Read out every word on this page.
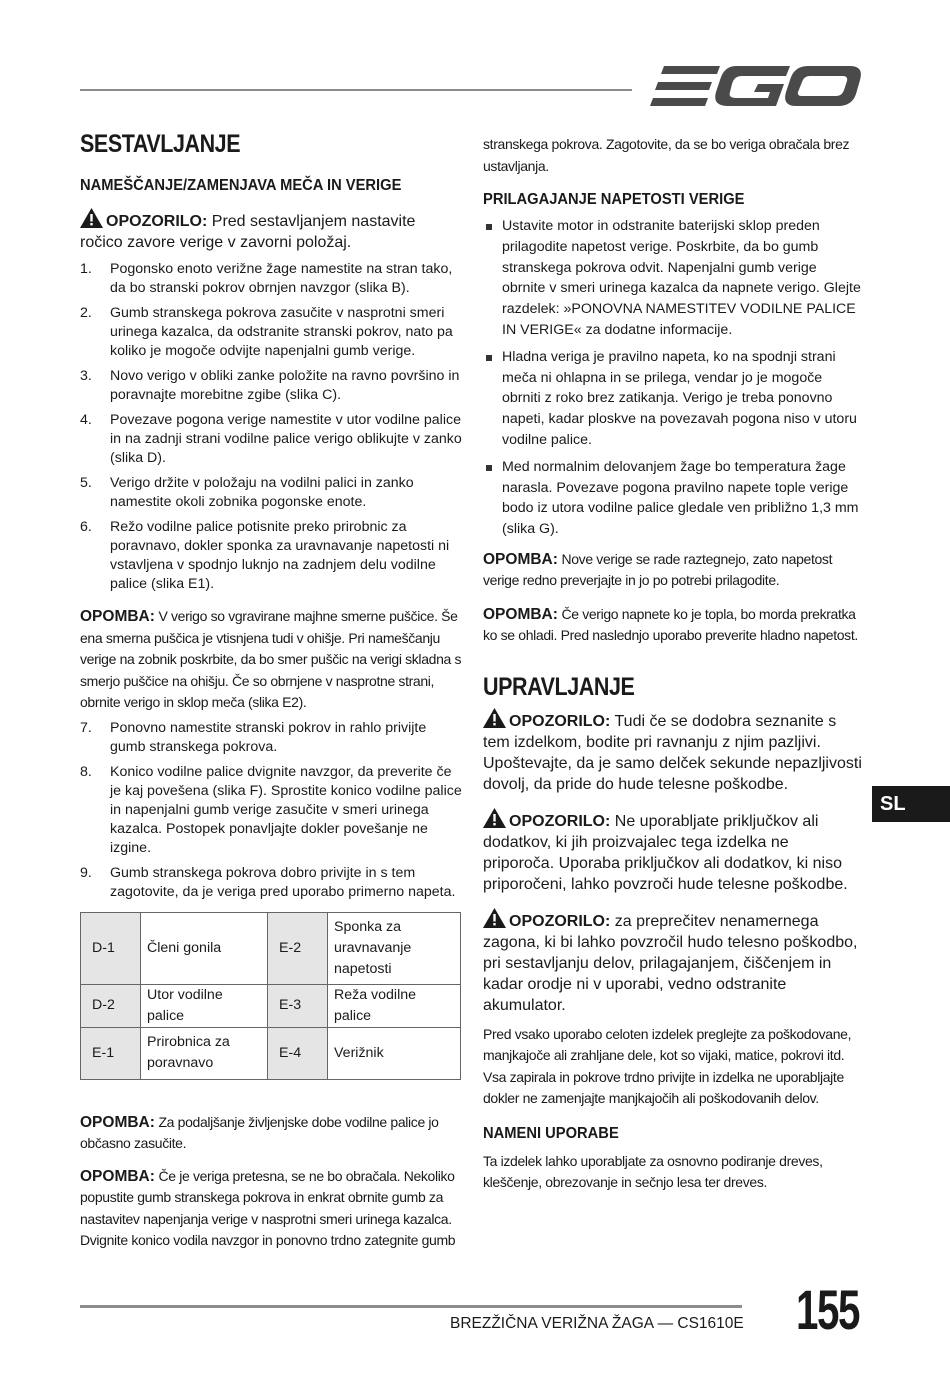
SESTAVLJANJE
NAMEŠČANJE/ZAMENJAVA MEČA IN VERIGE

OPOZORILO: Pred sestavljanjem nastavite ročico zavore verige v zavorni položaj.

1. Pogonsko enoto verižne žage namestite na stran tako, da bo stranski pokrov obrnjen navzgor (slika B).
2. Gumb stranskega pokrova zasučite v nasprotni smeri urinega kazalca, da odstranite stranski pokrov, nato pa koliko je mogoče odvijte napenjalni gumb verige.
3. Novo verigo v obliki zanke položite na ravno površino in poravnajte morebitne zgibe (slika C).
4. Povezave pogona verige namestite v utor vodilne palice in na zadnji strani vodilne palice verigo oblikujte v zanko (slika D).
5. Verigo držite v položaju na vodilni palici in zanko namestite okoli zobnika pogonske enote.
6. Režo vodilne palice potisnite preko prirobnic za poravnavo, dokler sponka za uravnavanje napetosti ni vstavljena v spodnjo luknjo na zadnjem delu vodilne palice (slika E1).

OPOMBA: V verigo so vgravirane majhne smerne puščice. Še ena smerna puščica je vtisnjena tudi v ohišje. Pri nameščanju verige na zobnik poskrbite, da bo smer puščic na verigi skladna s smerjo puščice na ohišju. Če so obrnjene v nasprotne strani, obrnite verigo in sklop meča (slika E2).

7. Ponovno namestite stranski pokrov in rahlo privijte gumb stranskega pokrova.
8. Konico vodilne palice dvignite navzgor, da preverite če je kaj povešena (slika F). Sprostite konico vodilne palice in napenjalni gumb verige zasučite v smeri urinega kazalca. Postopek ponavljajte dokler povešanje ne izgine.
9. Gumb stranskega pokrova dobro privijte in s tem zagotovite, da je veriga pred uporabo primerno napeta.
D-1	Členi gonila	E-2	Sponka za uravnavanje napetosti
D-2	Utor vodilne palice	E-3	Reža vodilne palice
E-1	Prirobnica za poravnavo	E-4	Verižnik

OPOMBA: Za podaljšanje življenjske dobe vodilne palice jo občasno zasučite.

OPOMBA: Če je veriga pretesna, se ne bo obračala. Nekoliko popustite gumb stranskega pokrova in enkrat obrnite gumb za nastavitev napenjanja verige v nasprotni smeri urinega kazalca. Dvignite konico vodila navzgor in ponovno trdno zategnite gumb

stranskega pokrova. Zagotovite, da se bo veriga obračala brez ustavljanja.

PRILAGAJANJE NAPETOSTI VERIGE
Ustavite motor in odstranite baterijski sklop preden prilagodite napetost verige. Poskrbite, da bo gumb stranskega pokrova odvit. Napenjalni gumb verige obrnite v smeri urinega kazalca da napnete verigo. Glejte razdelek: »PONOVNA NAMESTITEV VODILNE PALICE IN VERIGE« za dodatne informacije.
Hladna veriga je pravilno napeta, ko na spodnji strani meča ni ohlapna in se prilega, vendar jo je mogoče obrniti z roko brez zatikanja. Verigo je treba ponovno napeti, kadar ploskve na povezavah pogona niso v utoru vodilne palice.
Med normalnim delovanjem žage bo temperatura žage narasla. Povezave pogona pravilno napete tople verige bodo iz utora vodilne palice gledale ven približno 1,3 mm (slika G).

OPOMBA: Nove verige se rade raztegnejo, zato napetost verige redno preverjajte in jo po potrebi prilagodite.

OPOMBA: Če verigo napnete ko je topla, bo morda prekratka ko se ohladi. Pred naslednjo uporabo preverite hladno napetost.

UPRAVLJANJE

OPOZORILO: Tudi če se dodobra seznanite s tem izdelkom, bodite pri ravnanju z njim pazljivi. Upoštevajte, da je samo delček sekunde nepazljivosti dovolj, da pride do hude telesne poškodbe.

OPOZORILO: Ne uporabljate priključkov ali dodatkov, ki jih proizvajalec tega izdelka ne priporoča. Uporaba priključkov ali dodatkov, ki niso priporočeni, lahko povzroči hude telesne poškodbe.

OPOZORILO: za preprečitev nenamernega zagona, ki bi lahko povzročil hudo telesno poškodbo, pri sestavljanju delov, prilagajanjem, čiščenjem in kadar orodje ni v uporabi, vedno odstranite akumulator.

Pred vsako uporabo celoten izdelek preglejte za poškodovane, manjkajoče ali zrahljane dele, kot so vijaki, matice, pokrovi itd. Vsa zapirala in pokrove trdno privijte in izdelka ne uporabljajte dokler ne zamenjajte manjkajočih ali poškodovanih delov.

NAMENI UPORABE

Ta izdelek lahko uporabljate za osnovno podiranje dreves, kleščenje, obrezovanje in sečnjo lesa ter dreves.

SL
BREZŽIČNA VERIŽNA ŽAGA — CS1610E 155
